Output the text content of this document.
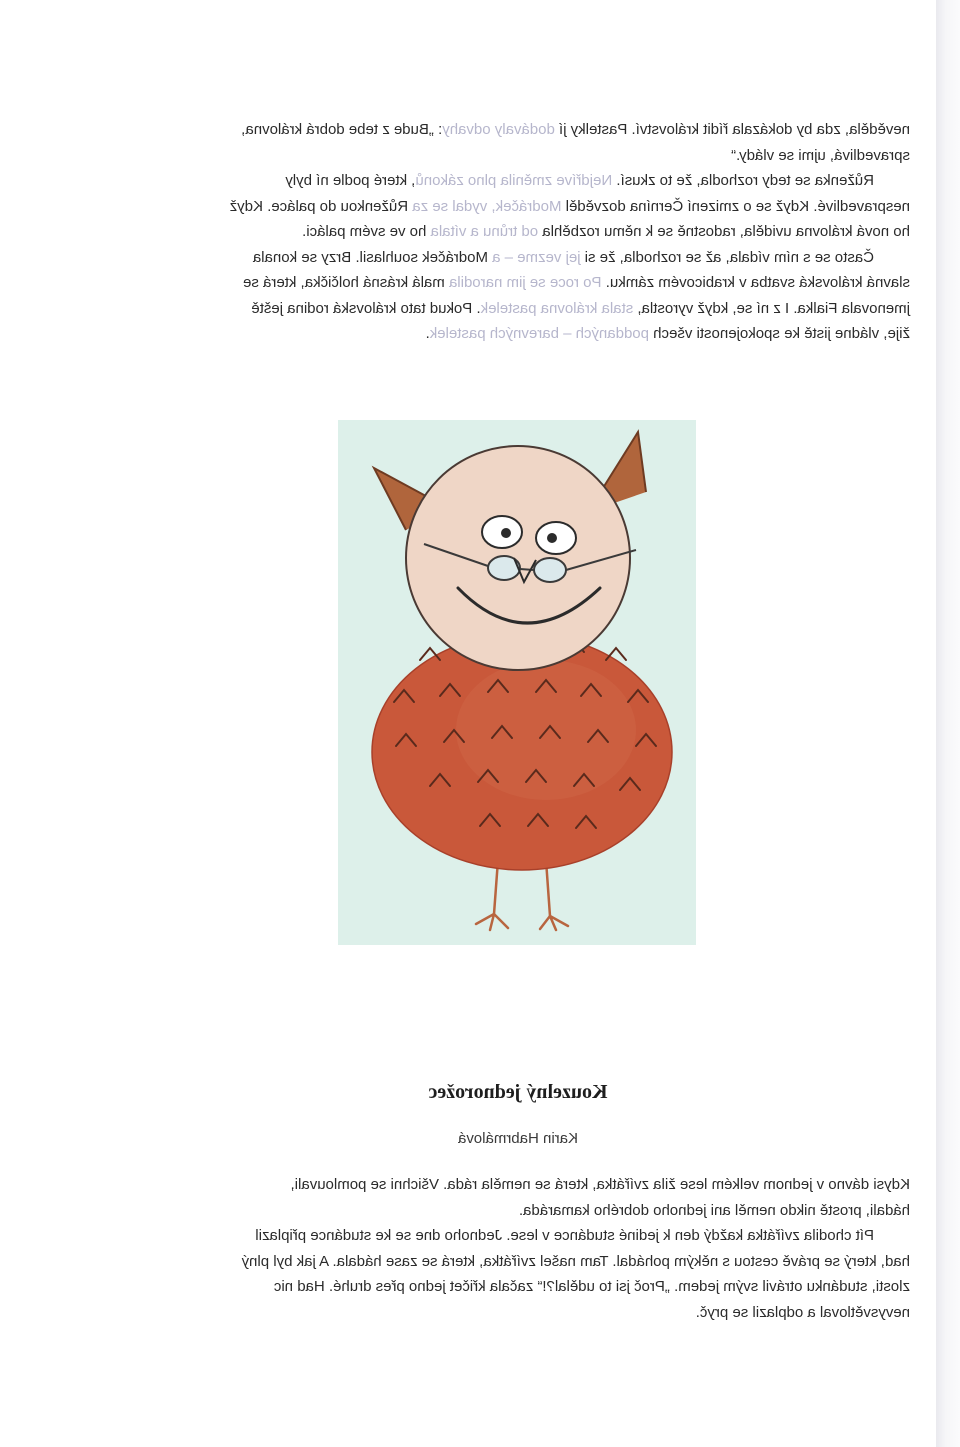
nevěděla, zda by dokázala řídit království. Pastelky jí dodávaly odvahy: „Bude z tebe dobrá královna,

spravedlivá, ujmi se vlády.“

Růženka se tedy rozhodla, že to zkusí. Nejdříve změnila plno zákonů, které podle ní byly

nespravedlivé. Když se o zmizení Černína dozvěděl Modráček, vydal se za Růženkou do paláce. Když

ho nová královna uviděla, radostně se k němu rozběhla od trůnu a vítala ho ve svém paláci.

Často se s ním vídala, až se rozhodla, že si jej vezme – a Modráček souhlasil. Brzy se konala

slavná královská svatba v krabicovém zámku. Po roce se jim narodila malá krásná holčička, která se

jmenovala Fialka. I z ní se, když vyrostla, stala královna pastelek. Pokud tato královská rodina ještě

žije, vládne jistě ke spokojenosti všech poddaných – barevných pastelek.

Kouzelný jednorožec
Karin Habrmálová

Kdysi dávno v jednom velkém lese žila zvířátka, která se neměla ráda. Všichni se pomlouvali,

hádali, prostě nikdo neměl ani jednoho dobrého kamaráda.

Pít chodila zvířátka každý den k jediné studánce v lese. Jednoho dne se ke studánce připlazil

had, který se právě cestou s někým pohádal. Tam našel zvířátka, která se zase hádala. A jak byl plný

zlosti, studánku otrávil svým jedem. „Proč jsi to udělal?!“ začala křičet jedno přes druhé. Had nic

nevysvětloval a odplazil se pryč.
